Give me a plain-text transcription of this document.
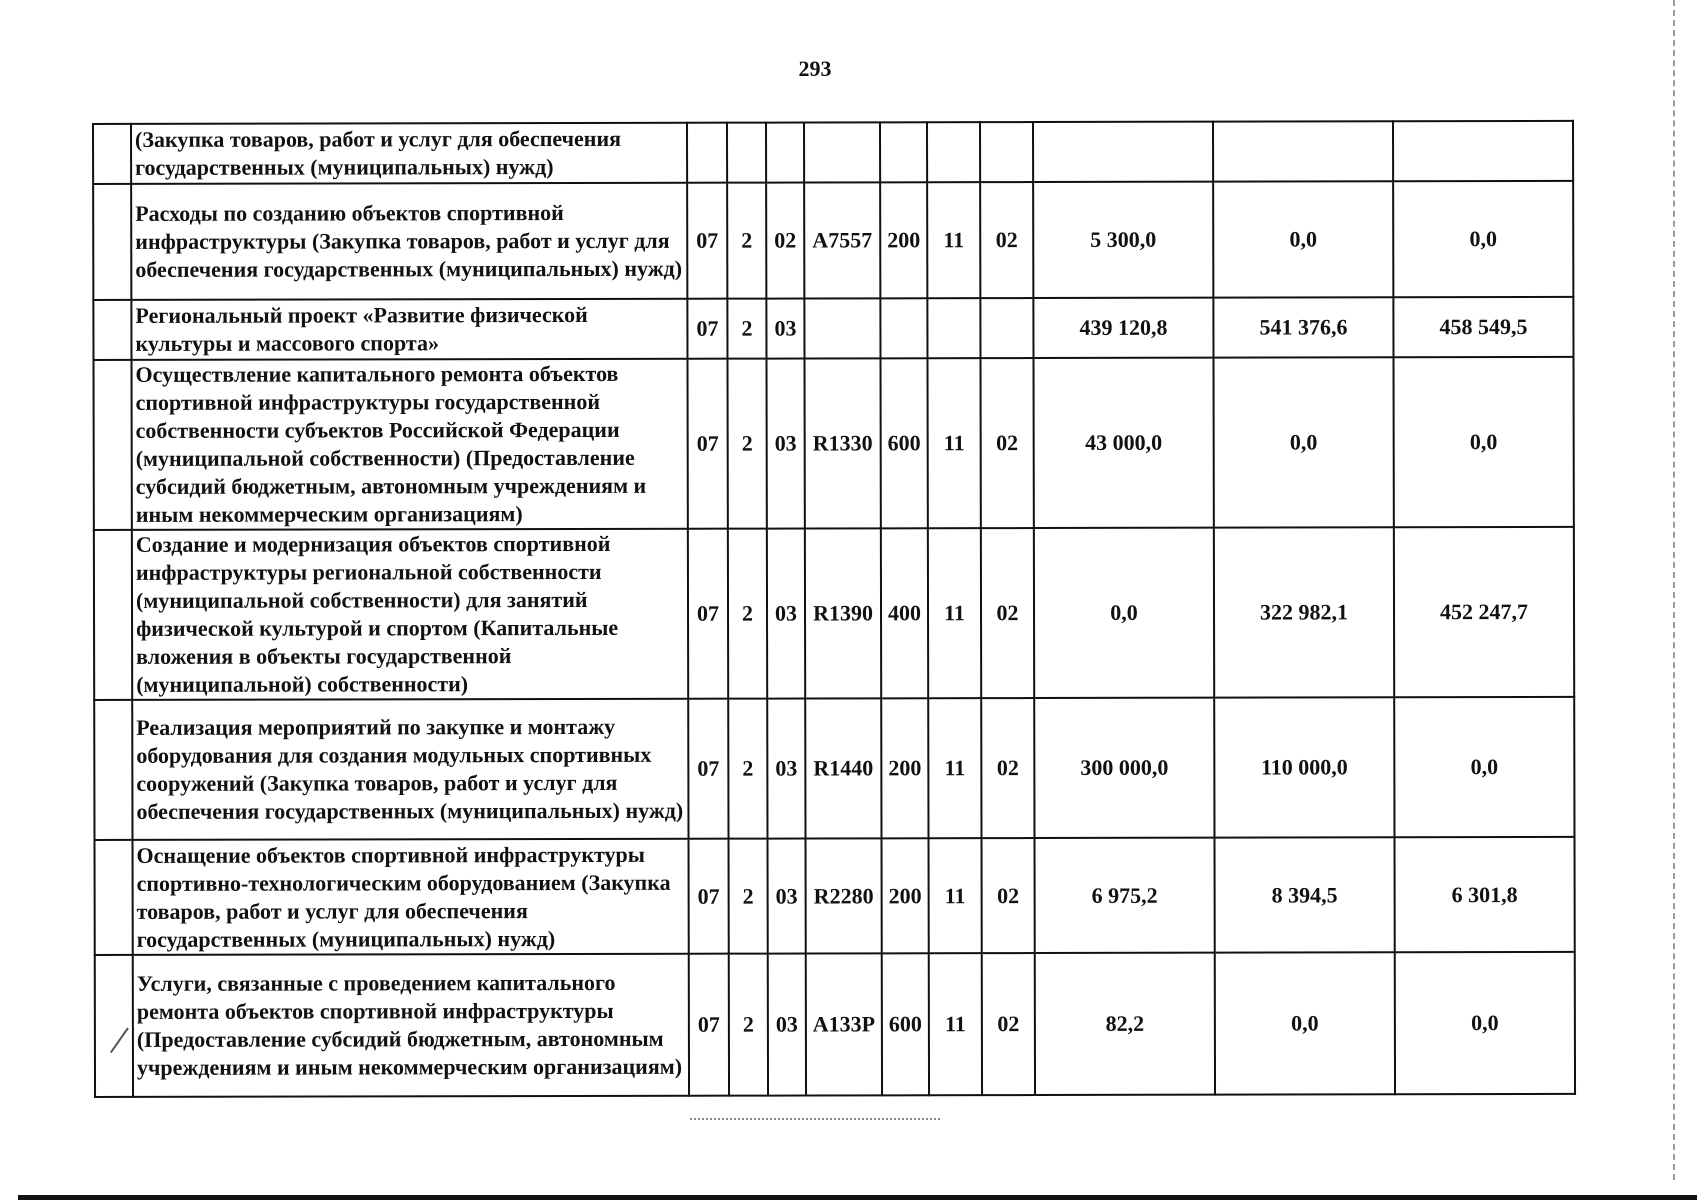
293
	(Закупка товаров, работ и услуг для обеспечения государственных (муниципальных) нужд)										
	Расходы по созданию объектов спортивной инфраструктуры (Закупка товаров, работ и услуг для обеспечения государственных (муниципальных) нужд)	07	2	02	А7557	200	11	02	5 300,0	0,0	0,0
	Региональный проект «Развитие физической культуры и массового спорта»	07	2	03					439 120,8	541 376,6	458 549,5
	Осуществление капитального ремонта объектов спортивной инфраструктуры государственной собственности субъектов Российской Федерации (муниципальной собственности) (Предоставление субсидий бюджетным, автономным учреждениям и иным некоммерческим организациям)	07	2	03	R1330	600	11	02	43 000,0	0,0	0,0
	Создание и модернизация объектов спортивной инфраструктуры региональной собственности (муниципальной собственности) для занятий физической культурой и спортом (Капитальные вложения в объекты государственной (муниципальной) собственности)	07	2	03	R1390	400	11	02	0,0	322 982,1	452 247,7
	Реализация мероприятий по закупке и монтажу оборудования для создания модульных спортивных сооружений (Закупка товаров, работ и услуг для обеспечения государственных (муниципальных) нужд)	07	2	03	R1440	200	11	02	300 000,0	110 000,0	0,0
	Оснащение объектов спортивной инфраструктуры спортивно-технологическим оборудованием (Закупка товаров, работ и услуг для обеспечения государственных (муниципальных) нужд)	07	2	03	R2280	200	11	02	6 975,2	8 394,5	6 301,8
	Услуги, связанные с проведением капитального ремонта объектов спортивной инфраструктуры (Предоставление субсидий бюджетным, автономным учреждениям и иным некоммерческим организациям)	07	2	03	А133Р	600	11	02	82,2	0,0	0,0
